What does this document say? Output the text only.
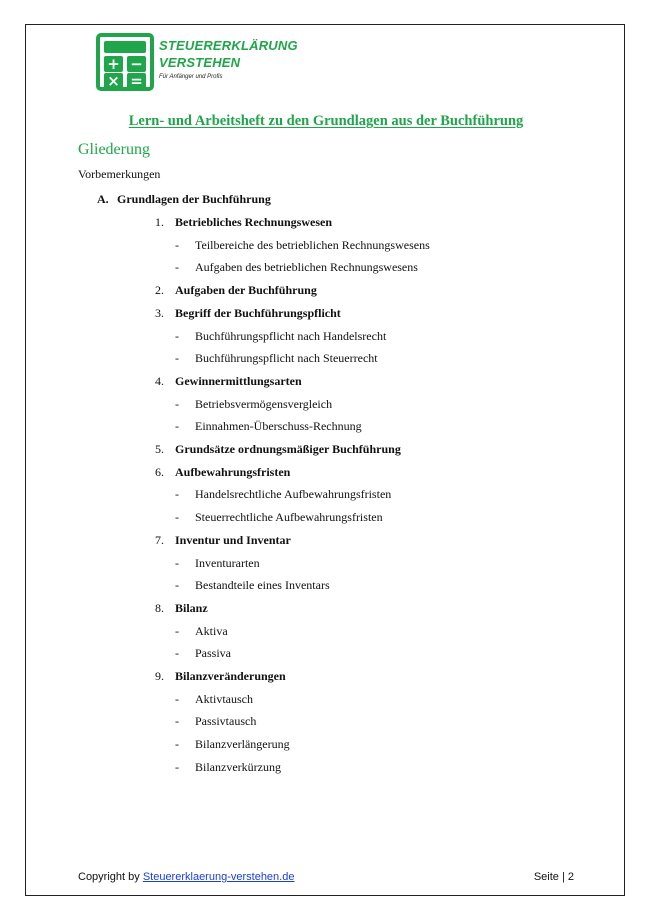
+ −
× =
STEUERERKLÄRUNG
VERSTEHEN
Für Anfänger und Profis
Lern- und Arbeitsheft zu den Grundlagen aus der Buchführung
Gliederung
Vorbemerkungen
A. Grundlagen der Buchführung
1. Betriebliches Rechnungswesen
- Teilbereiche des betrieblichen Rechnungswesens
- Aufgaben des betrieblichen Rechnungswesens
2. Aufgaben der Buchführung
3. Begriff der Buchführungspflicht
- Buchführungspflicht nach Handelsrecht
- Buchführungspflicht nach Steuerrecht
4. Gewinnermittlungsarten
- Betriebsvermögensvergleich
- Einnahmen-Überschuss-Rechnung
5. Grundsätze ordnungsmäßiger Buchführung
6. Aufbewahrungsfristen
- Handelsrechtliche Aufbewahrungsfristen
- Steuerrechtliche Aufbewahrungsfristen
7. Inventur und Inventar
- Inventurarten
- Bestandteile eines Inventars
8. Bilanz
- Aktiva
- Passiva
9. Bilanzveränderungen
- Aktivtausch
- Passivtausch
- Bilanzverlängerung
- Bilanzverkürzung
Copyright by Steuererklaerung-verstehen.de	Seite | 2
